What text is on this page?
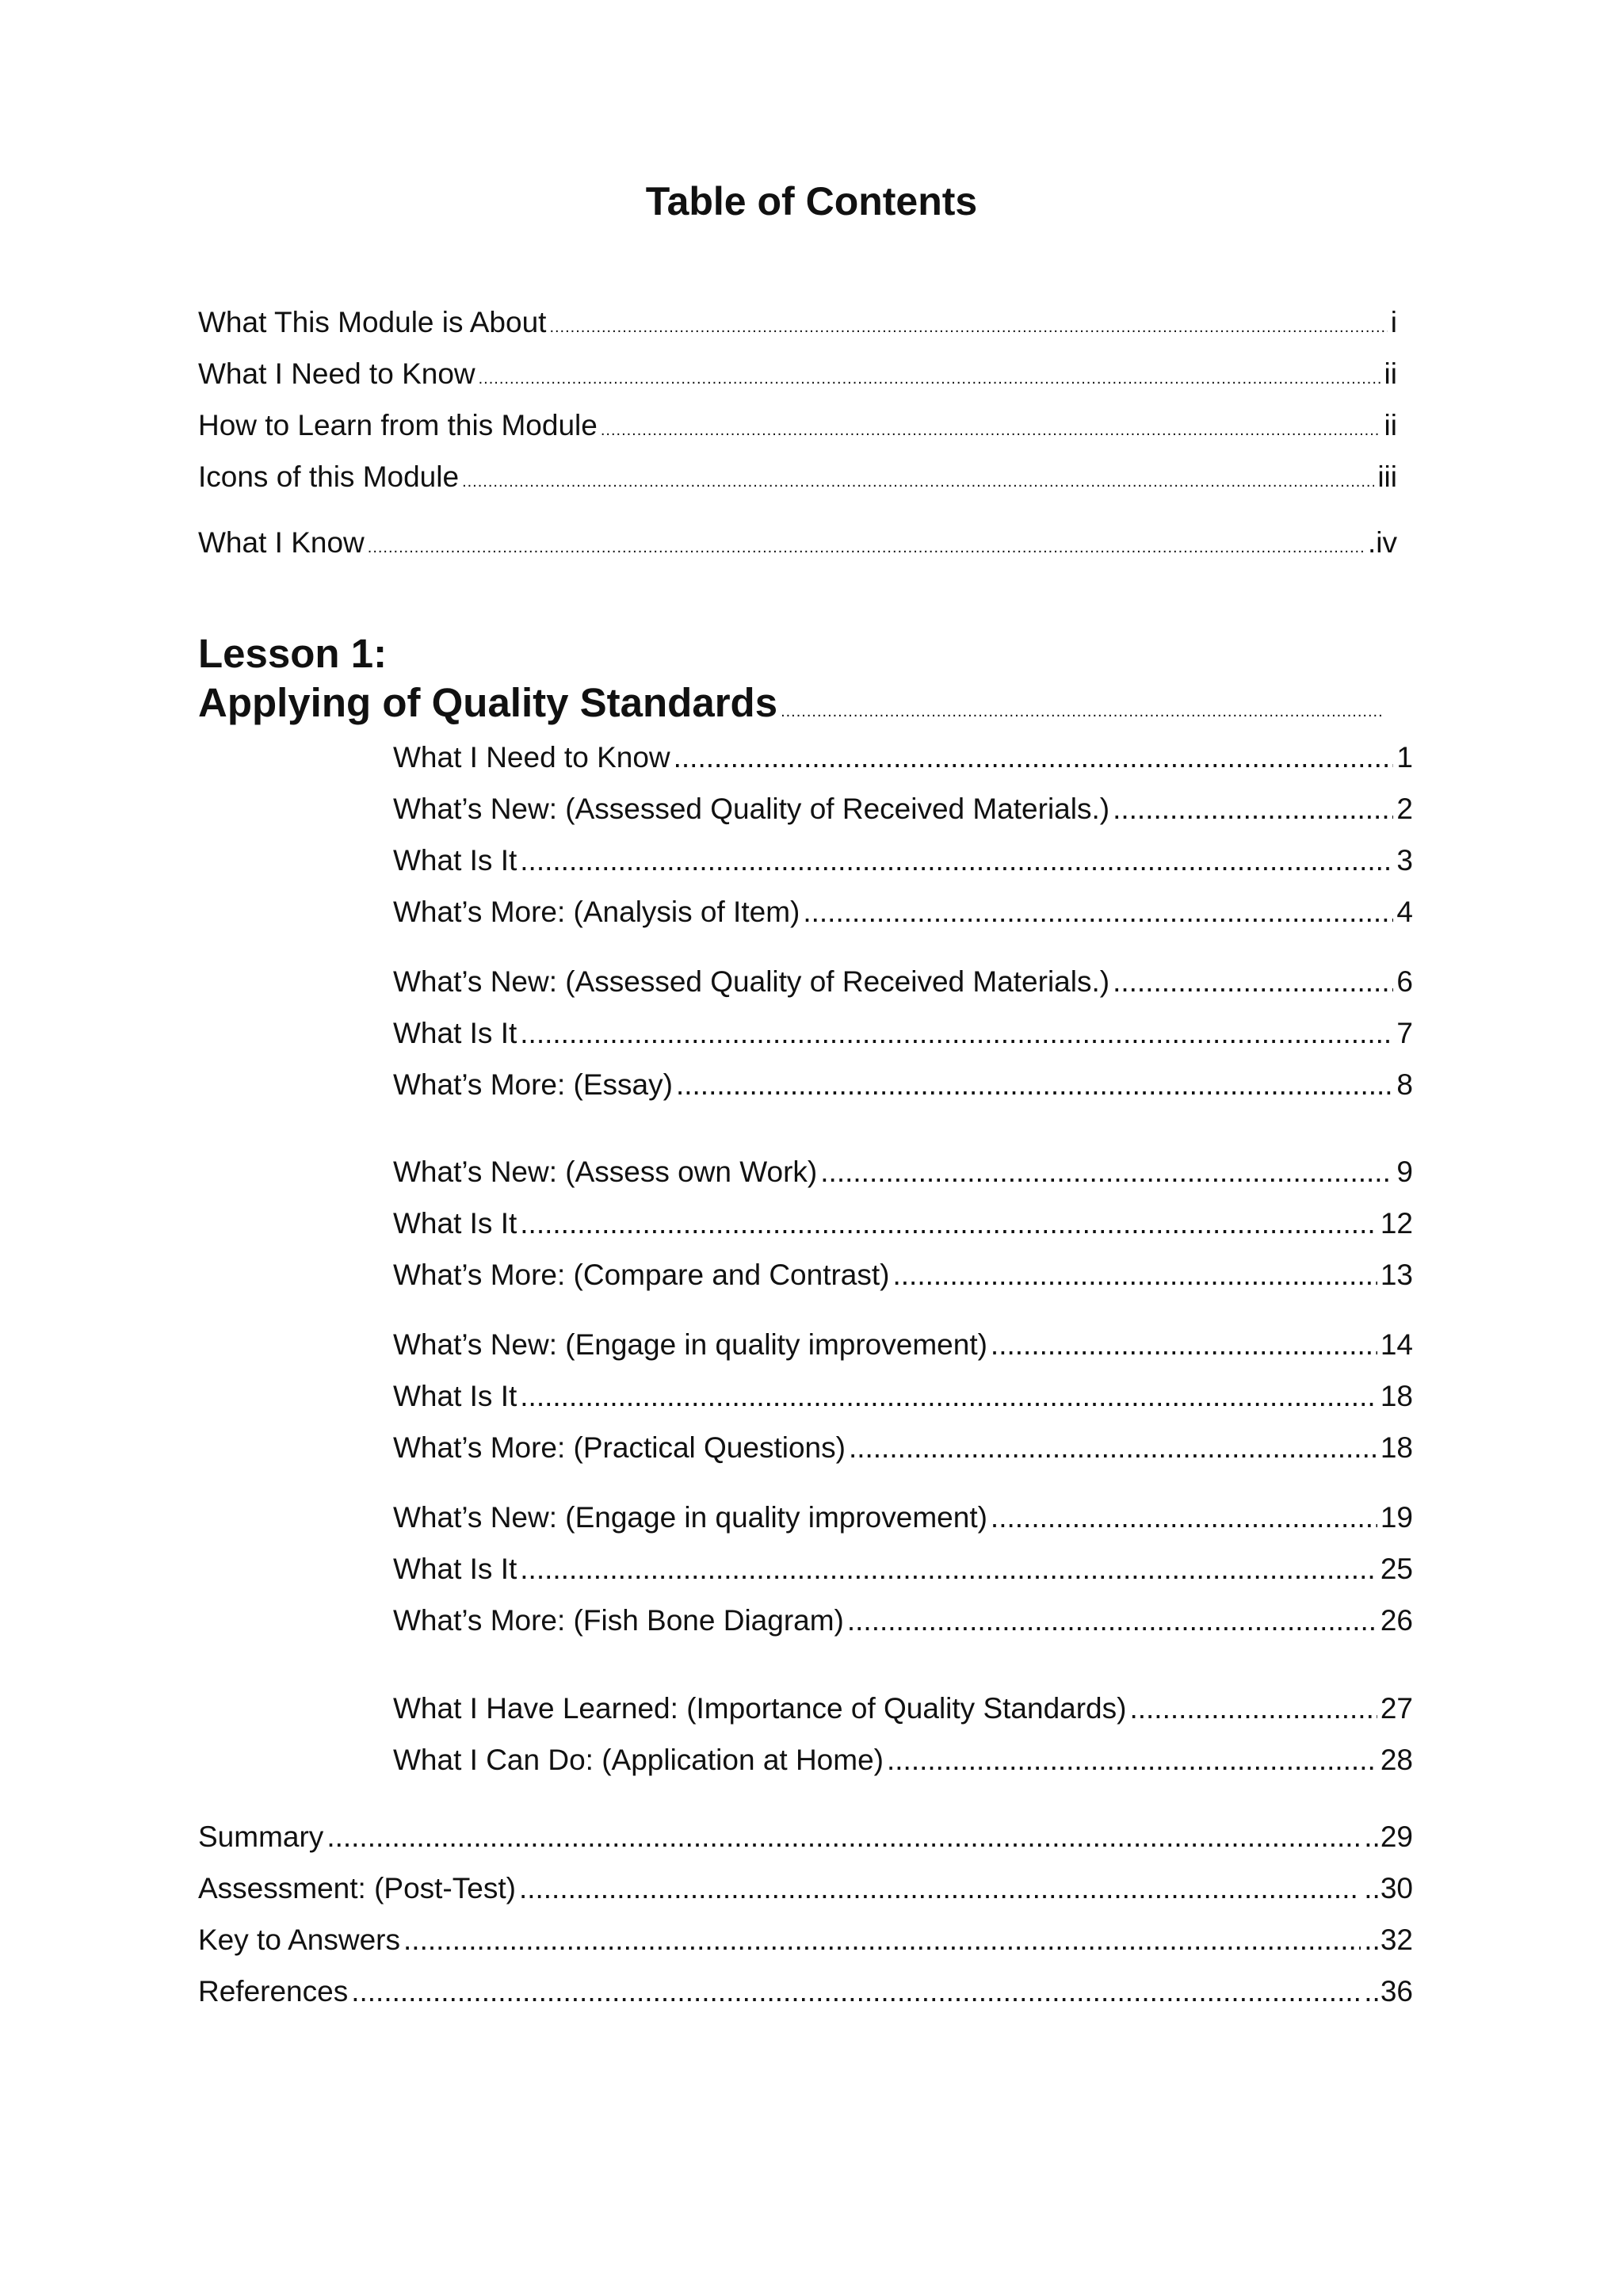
Table of Contents
What This Module is About .....	i
What I Need to Know .....	ii
How to Learn from this Module .....	ii
Icons of this Module .....	iii
What I Know .....	.iv
Lesson 1:
Applying of Quality Standards
.....
What I Need to Know .....	1
What’s New: (Assessed Quality of Received Materials.) .....	2
What Is It .....	3
What’s More: (Analysis of Item) .....	4
What’s New: (Assessed Quality of Received Materials.) .....	6
What Is It .....	7
What’s More: (Essay) .....	8
What’s New: (Assess own Work) .....	9
What Is It .....	12
What’s More: (Compare and Contrast) .....	13
What’s New: (Engage in quality improvement) .....	14
What Is It .....	18
What’s More: (Practical Questions) .....	18
What’s New: (Engage in quality improvement) .....	19
What Is It .....	25
What’s More: (Fish Bone Diagram) .....	26
What I Have Learned: (Importance of Quality Standards) .....	27
What I Can Do: (Application at Home) .....	28
Summary .....	..29
Assessment: (Post-Test) .....	..30
Key to Answers .....	..32
References .....	..36
